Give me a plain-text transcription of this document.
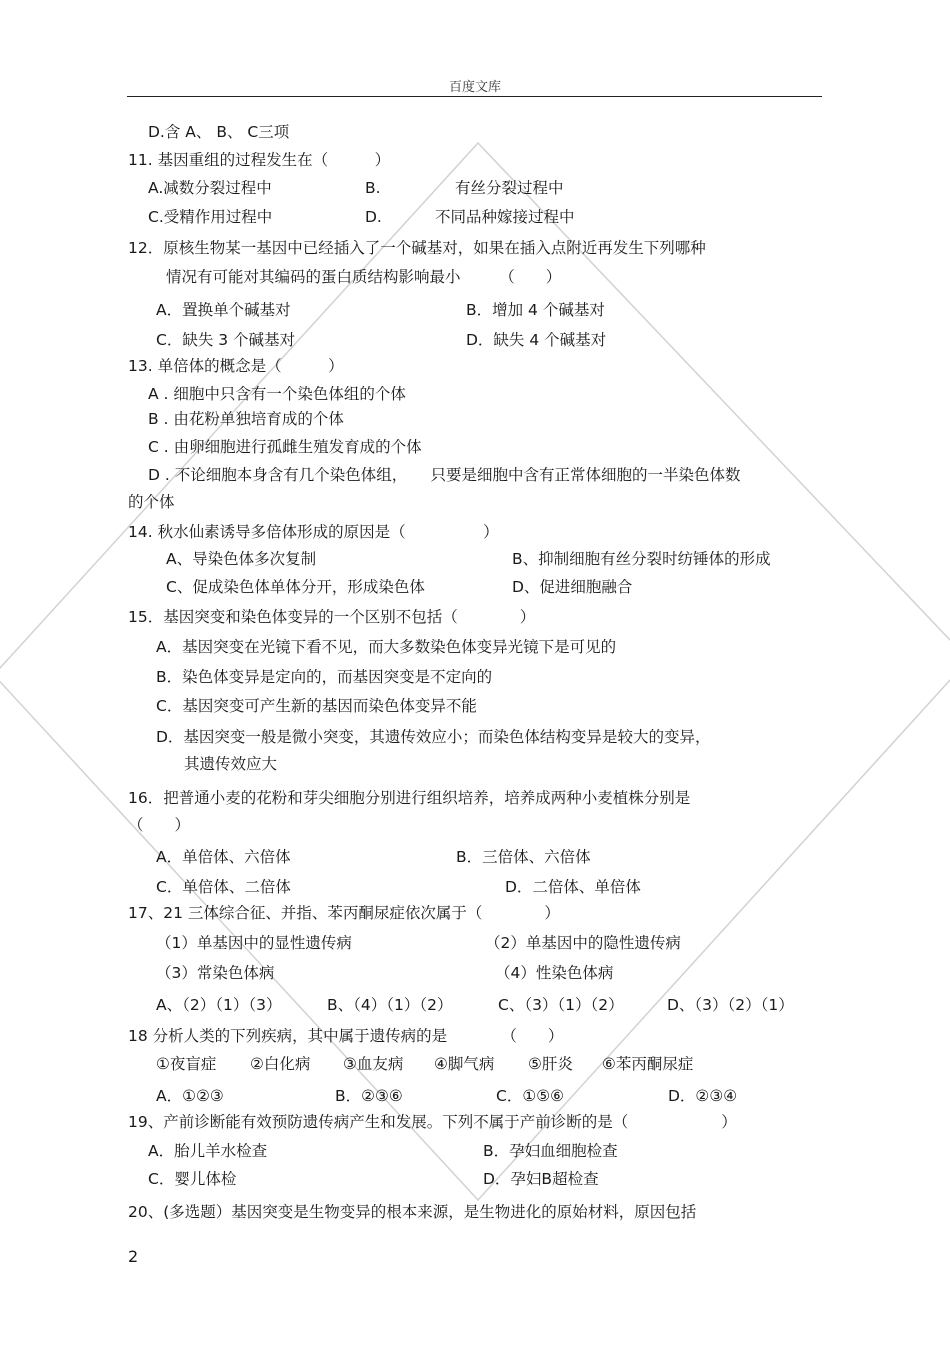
百度文库
D.含 A、 B、 C三项
11. 基因重组的过程发生在（　　　）
A.减数分裂过程中	B.	有丝分裂过程中
C.受精作用过程中	D.	不同品种嫁接过程中
12．原核生物某一基因中已经插入了一个碱基对，如果在插入点附近再发生下列哪种
情况有可能对其编码的蛋白质结构影响最小　　　（　　）
A．置换单个碱基对	B．增加 4 个碱基对
C．缺失 3 个碱基对	D．缺失 4 个碱基对
13. 单倍体的概念是（　　　）
A . 细胞中只含有一个染色体组的个体
B . 由花粉单独培育成的个体
C . 由卵细胞进行孤雌生殖发育成的个体
D . 不论细胞本身含有几个染色体组，　　只要是细胞中含有正常体细胞的一半染色体数
的个体
14. 秋水仙素诱导多倍体形成的原因是（　　　　　）
A、导染色体多次复制	B、抑制细胞有丝分裂时纺锤体的形成
C、促成染色体单体分开，形成染色体	D、促进细胞融合
15．基因突变和染色体变异的一个区别不包括（　　　　）
A．基因突变在光镜下看不见，而大多数染色体变异光镜下是可见的
B．染色体变异是定向的，而基因突变是不定向的
C．基因突变可产生新的基因而染色体变异不能
D．基因突变一般是微小突变，其遗传效应小；而染色体结构变异是较大的变异，
其遗传效应大
16．把普通小麦的花粉和芽尖细胞分别进行组织培养，培养成两种小麦植株分别是
（　　）
A．单倍体、六倍体	B．三倍体、六倍体
C．单倍体、二倍体	D．二倍体、单倍体
17、21 三体综合征、并指、苯丙酮尿症依次属于（　　　　）
（1）单基因中的显性遗传病	（2）单基因中的隐性遗传病
（3）常染色体病	（4）性染色体病
A、（2）（1）（3）	B、（4）（1）（2）	C、（3）（1）（2）	D、（3）（2）（1）
18 分析人类的下列疾病，其中属于遗传病的是　　　　（　　）
①夜盲症 ②白化病 ③血友病 ④脚气病 ⑤肝炎 ⑥苯丙酮尿症
A．①②③	B．②③⑥	C．①⑤⑥	D．②③④
19、产前诊断能有效预防遗传病产生和发展。下列不属于产前诊断的是（　　　　　　）
A．胎儿羊水检查	B．孕妇血细胞检查
C．婴儿体检	D．孕妇B超检查
20、(多选题）基因突变是生物变异的根本来源，是生物进化的原始材料，原因包括
2
